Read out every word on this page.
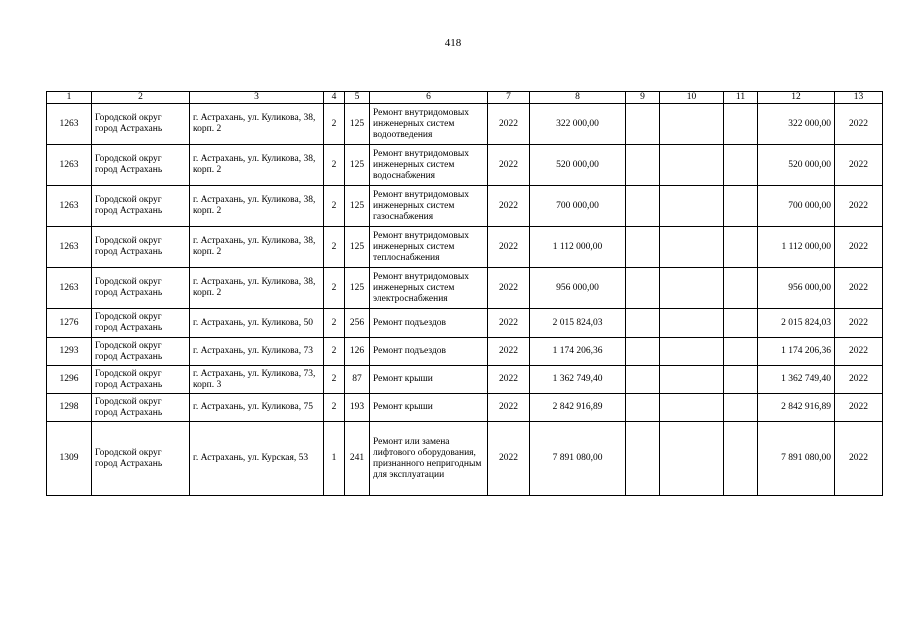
418
1	2	3	4	5	6	7	8	9	10	11	12	13
1263	Городской округ город Астрахань	г. Астрахань, ул. Куликова, 38, корп. 2	2	125	Ремонт внутридомовых инженерных систем водоотведения	2022	322 000,00				322 000,00	2022
1263	Городской округ город Астрахань	г. Астрахань, ул. Куликова, 38, корп. 2	2	125	Ремонт внутридомовых инженерных систем водоснабжения	2022	520 000,00				520 000,00	2022
1263	Городской округ город Астрахань	г. Астрахань, ул. Куликова, 38, корп. 2	2	125	Ремонт внутридомовых инженерных систем газоснабжения	2022	700 000,00				700 000,00	2022
1263	Городской округ город Астрахань	г. Астрахань, ул. Куликова, 38, корп. 2	2	125	Ремонт внутридомовых инженерных систем теплоснабжения	2022	1 112 000,00				1 112 000,00	2022
1263	Городской округ город Астрахань	г. Астрахань, ул. Куликова, 38, корп. 2	2	125	Ремонт внутридомовых инженерных систем электроснабжения	2022	956 000,00				956 000,00	2022
1276	Городской округ город Астрахань	г. Астрахань, ул. Куликова, 50	2	256	Ремонт подъездов	2022	2 015 824,03				2 015 824,03	2022
1293	Городской округ город Астрахань	г. Астрахань, ул. Куликова, 73	2	126	Ремонт подъездов	2022	1 174 206,36				1 174 206,36	2022
1296	Городской округ город Астрахань	г. Астрахань, ул. Куликова, 73, корп. 3	2	87	Ремонт крыши	2022	1 362 749,40				1 362 749,40	2022
1298	Городской округ город Астрахань	г. Астрахань, ул. Куликова, 75	2	193	Ремонт крыши	2022	2 842 916,89				2 842 916,89	2022
1309	Городской округ город Астрахань	г. Астрахань, ул. Курская, 53	1	241	Ремонт или замена лифтового оборудования, признанного непригодным для эксплуатации	2022	7 891 080,00				7 891 080,00	2022
